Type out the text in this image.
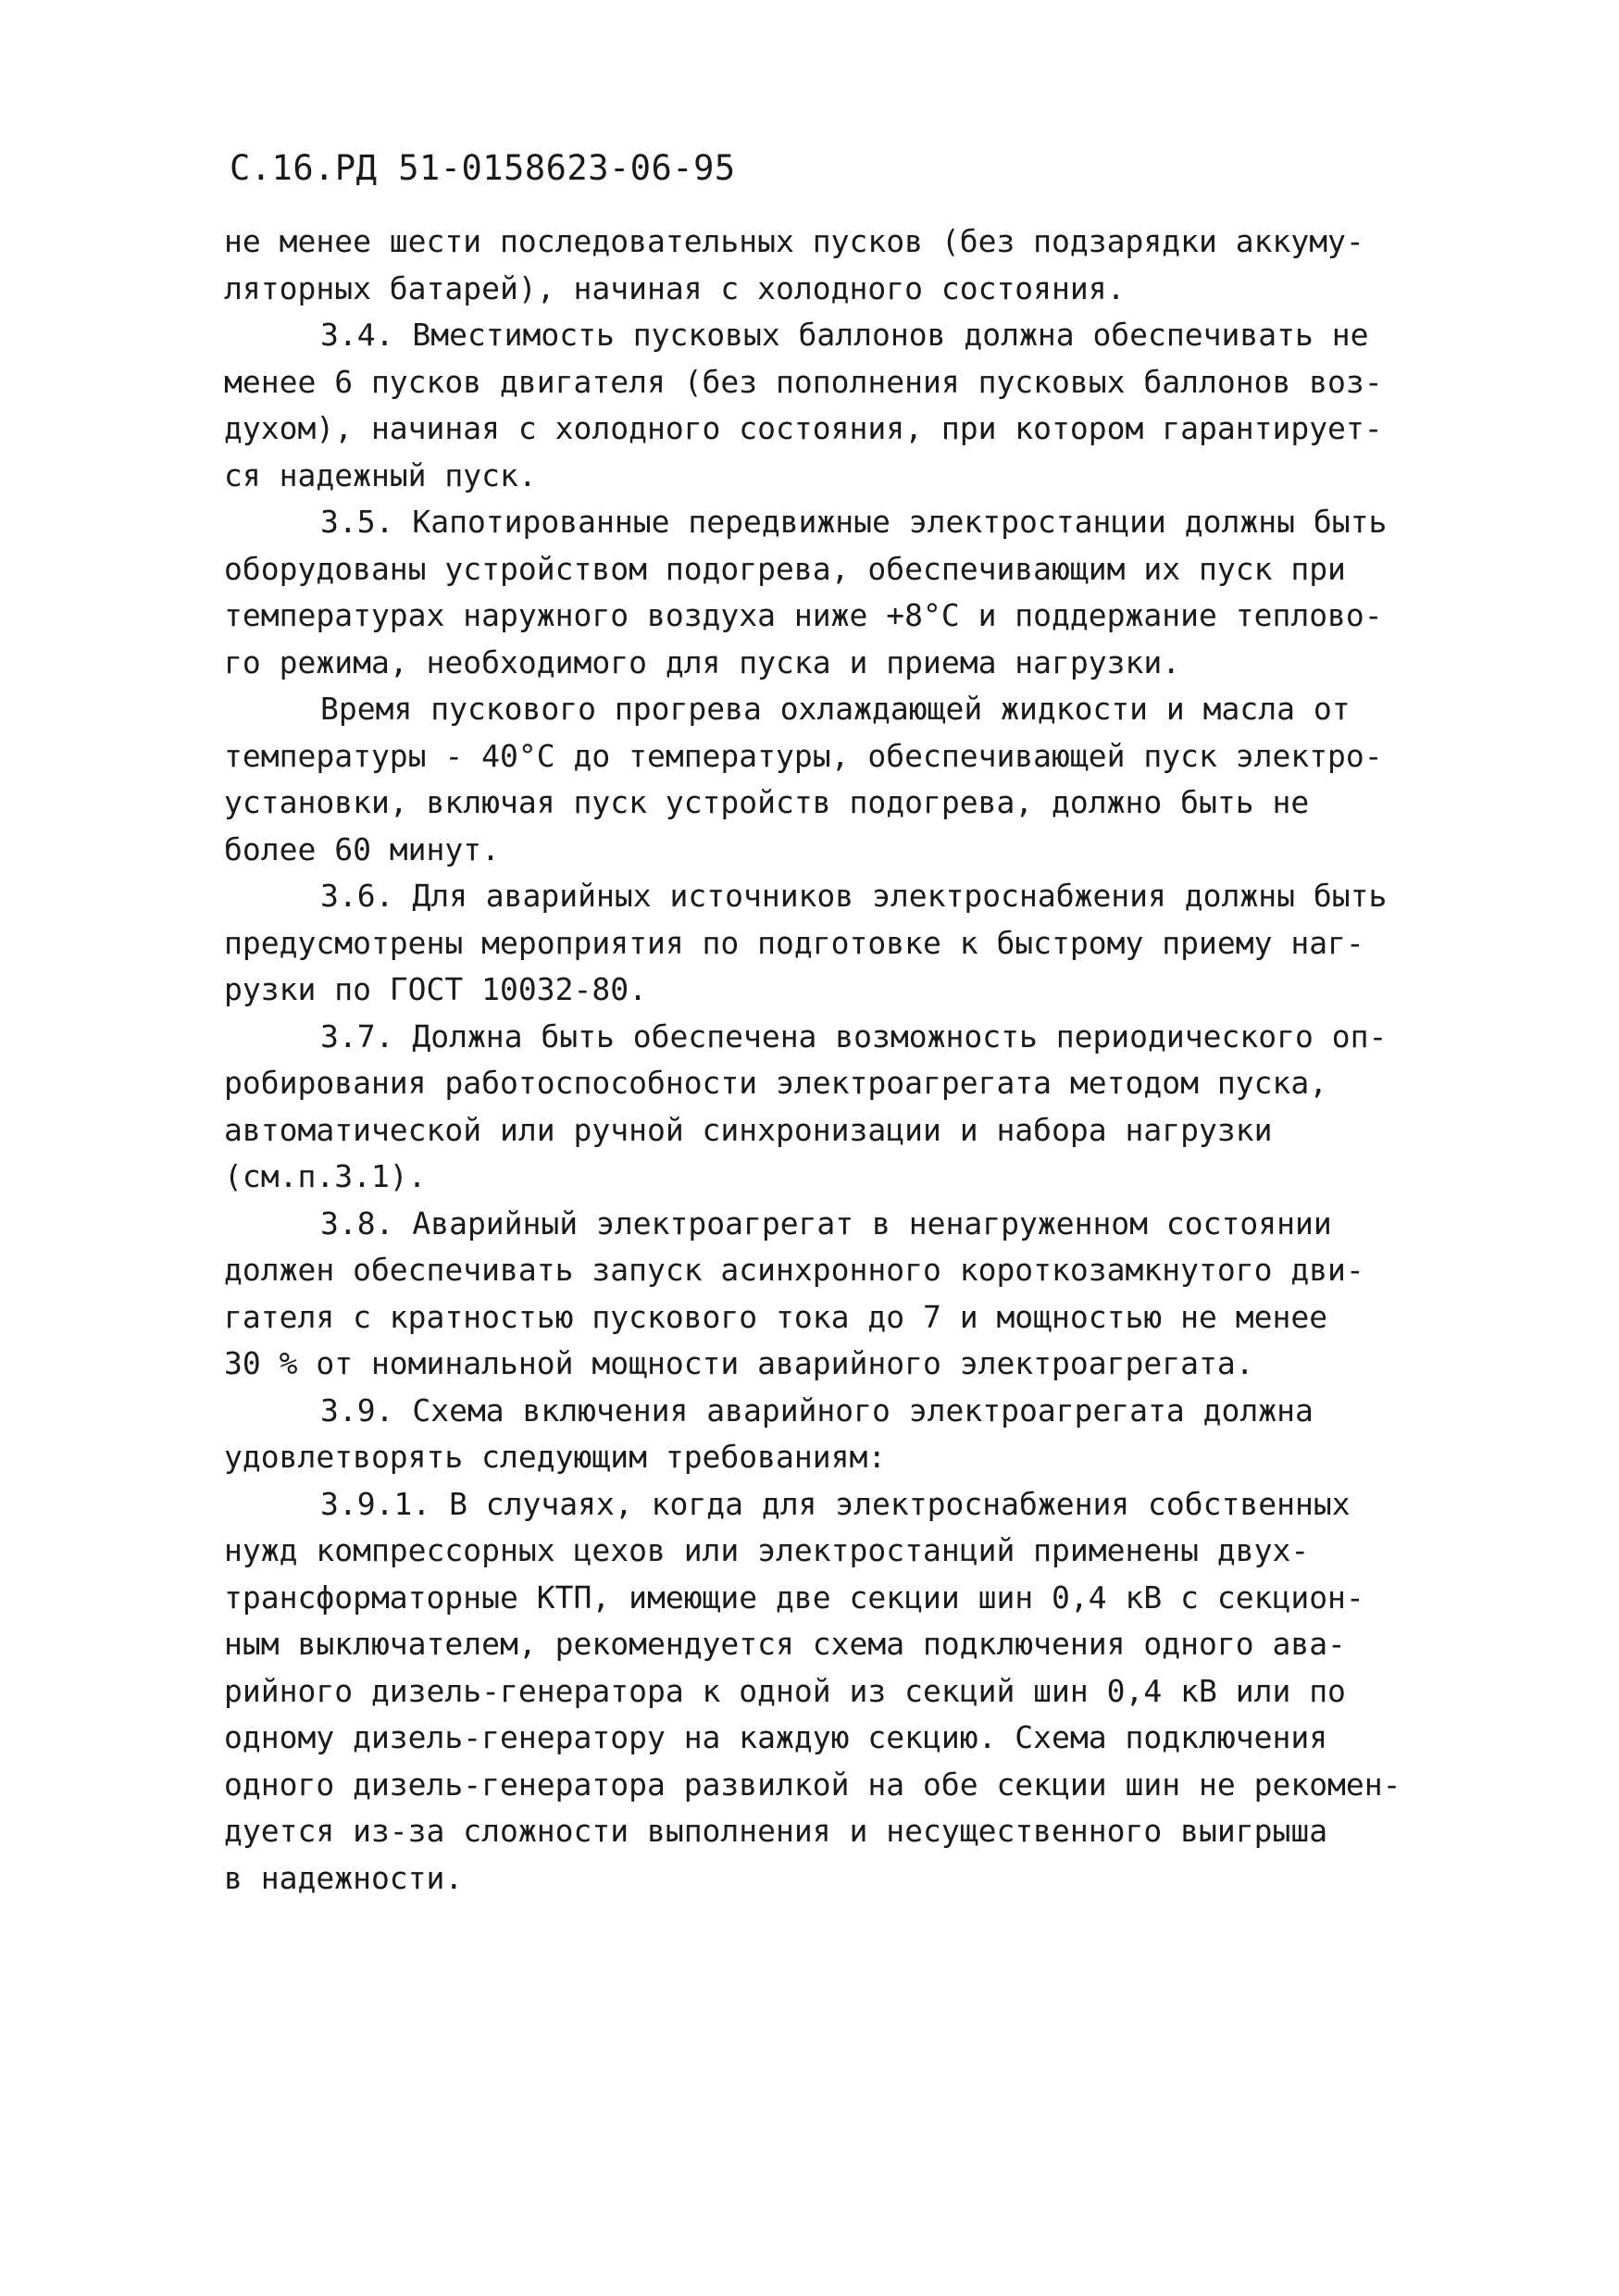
С.16.РД 51-0158623-06-95
не менее шести последовательных пусков (без подзарядки аккуму-
ляторных батарей), начиная с холодного состояния.
3.4. Вместимость пусковых баллонов должна обеспечивать не
менее 6 пусков двигателя (без пополнения пусковых баллонов воз-
духом), начиная с холодного состояния, при котором гарантирует-
ся надежный пуск.
3.5. Капотированные передвижные электростанции должны быть
оборудованы устройством подогрева, обеспечивающим их пуск при
температурах наружного воздуха ниже +8°С и поддержание теплово-
го режима, необходимого для пуска и приема нагрузки.
Время пускового прогрева охлаждающей жидкости и масла от
температуры - 40°С до температуры, обеспечивающей пуск электро-
установки, включая пуск устройств подогрева, должно быть не
более 60 минут.
3.6. Для аварийных источников электроснабжения должны быть
предусмотрены мероприятия по подготовке к быстрому приему наг-
рузки по ГОСТ 10032-80.
3.7. Должна быть обеспечена возможность периодического оп-
робирования работоспособности электроагрегата методом пуска,
автоматической или ручной синхронизации и набора нагрузки
(см.п.3.1).
3.8. Аварийный электроагрегат в ненагруженном состоянии
должен обеспечивать запуск асинхронного короткозамкнутого дви-
гателя с кратностью пускового тока до 7 и мощностью не менее
30 % от номинальной мощности аварийного электроагрегата.
3.9. Схема включения аварийного электроагрегата должна
удовлетворять следующим требованиям:
3.9.1. В случаях, когда для электроснабжения собственных
нужд компрессорных цехов или электростанций применены двух-
трансформаторные КТП, имеющие две секции шин 0,4 кВ с секцион-
ным выключателем, рекомендуется схема подключения одного ава-
рийного дизель-генератора к одной из секций шин 0,4 кВ или по
одному дизель-генератору на каждую секцию. Схема подключения
одного дизель-генератора развилкой на обе секции шин не рекомен-
дуется из-за сложности выполнения и несущественного выигрыша
в надежности.
